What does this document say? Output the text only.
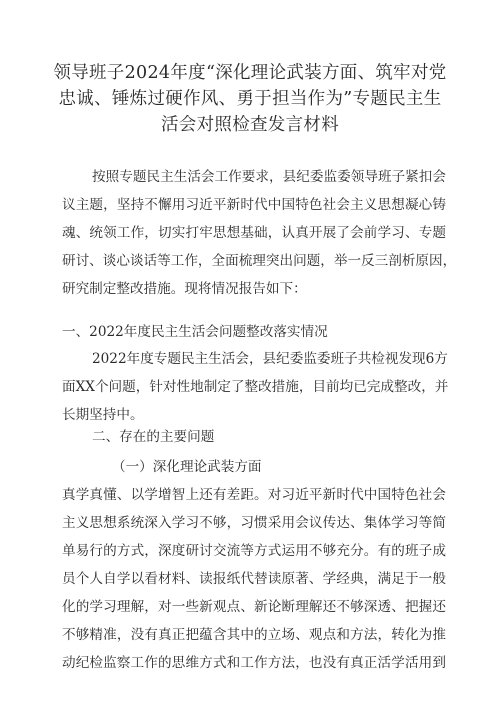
领导班子2024年度“深化理论武装方面、筑牢对党
忠诚、锤炼过硬作风、勇于担当作为”专题民主生
活会对照检查发言材料
按照专题民主生活会工作要求，县纪委监委领导班子紧扣会
议主题，坚持不懈用习近平新时代中国特色社会主义思想凝心铸
魂、统领工作，切实打牢思想基础，认真开展了会前学习、专题
研讨、谈心谈话等工作，全面梳理突出问题，举一反三剖析原因，
研究制定整改措施。现将情况报告如下：
一、2022年度民主生活会问题整改落实情况
2022年度专题民主生活会，县纪委监委班子共检视发现6方
面XX个问题，针对性地制定了整改措施，目前均已完成整改，并
长期坚持中。
二、存在的主要问题
（一）深化理论武装方面
真学真懂、以学增智上还有差距。对习近平新时代中国特色社会
主义思想系统深入学习不够，习惯采用会议传达、集体学习等简
单易行的方式，深度研讨交流等方式运用不够充分。有的班子成
员个人自学以看材料、读报纸代替读原著、学经典，满足于一般
化的学习理解，对一些新观点、新论断理解还不够深透、把握还
不够精准，没有真正把蕴含其中的立场、观点和方法，转化为推
动纪检监察工作的思维方式和工作方法，也没有真正活学活用到
